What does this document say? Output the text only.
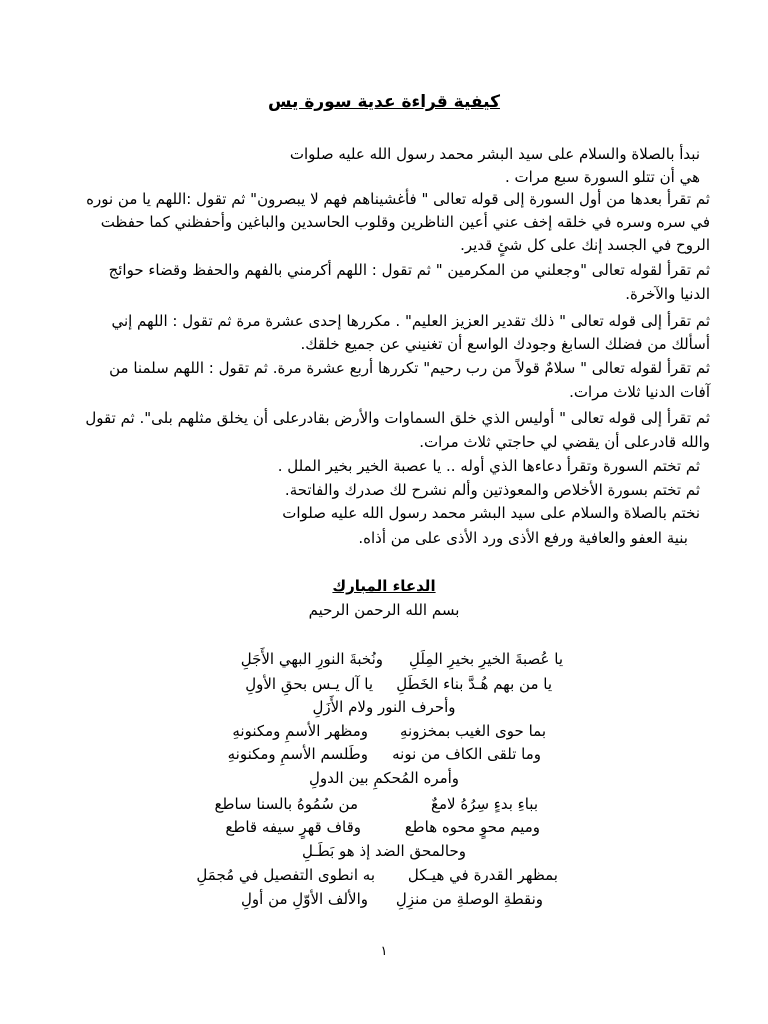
كيفية قراءة عدية سورة يس
نبدأ بالصلاة والسلام على سيد البشر محمد رسول الله عليه صلوات
هي أن تتلو السورة سبع مرات .
ثم تقرأ بعدها من أول السورة إلى قوله تعالى " فأغشيناهم فهم لا يبصرون" ثم تقول :اللهم يا من نوره
في سره وسره في خلقه إخف عني أعين الناظرين وقلوب الحاسدين والباغين وأحفظني كما حفظت
الروح في الجسد إنك على كل شئٍ قدير.
ثم تقرأ لقوله تعالى "وجعلني من المكرمين " ثم تقول : اللهم أكرمني بالفهم والحفظ وقضاء حوائج
الدنيا والآخرة.
ثم تقرأ إلى قوله تعالى " ذلك تقدير العزيز العليم" . مكررها إحدى عشرة مرة ثم تقول : اللهم إني
أسألك من فضلك السابغ وجودك الواسع أن تغنيني عن جميع خلقك.
ثم تقرأ لقوله تعالى " سلامٌ قولاً من رب رحيم" تكررها أربع عشرة مرة. ثم تقول : اللهم سلمنا من
آفات الدنيا ثلاث مرات.
ثم تقرأ إلى قوله تعالى " أوليس الذي خلق السماوات والأرض بقادرعلى أن يخلق مثلهم بلى". ثم تقول
والله قادرعلى أن يقضي لي حاجتي ثلاث مرات.
ثم تختم السورة وتقرأ دعاءها الذي أوله .. يا عصبة الخير بخير الملل .
ثم تختم بسورة الأخلاص والمعوذتين وألم نشرح لك صدرك والفاتحة.
نختم بالصلاة والسلام على سيد البشر محمد رسول الله عليه صلوات
بنية العفو والعافية ورفع الأذى ورد الأذى على من أذاه.
الدعاء المبارك
بسم الله الرحمن الرحيم
يا عُصبةَ الخيرِ بخيرِ المِلَلِ
ونُخبةَ النورِ البهي الأَجَلِ
يا من بهم هُـدَّ بناء الخَطَلِ
يا آل يـس بحقِ الأولِ
وأحرف النور ولام الأَزَلِ
بما حوى الغيب بمخزونهِ
ومظهر الأسمِ ومكنونهِ
وما تلقى الكاف من نونه
وطَلسم الأسمِ ومكنونهِ
وأمره المُحكمِ بين الدولِ
بباءِ بدءٍ سِرُهُ لامعٌ
من سُمُوهُ بالسنا ساطع
وميم محوٍ محوه هاطع
وقاف قهرٍ سيفه قاطع
وحالمحق الضد إذ هو بَطَـلِ
بمظهر القدرة في هيـكل
به انطوى التفصيل في مُجمَلِ
ونقطةِ الوصلةِ من منزِلِ
والألف الأوّلِ من أولِ
١
